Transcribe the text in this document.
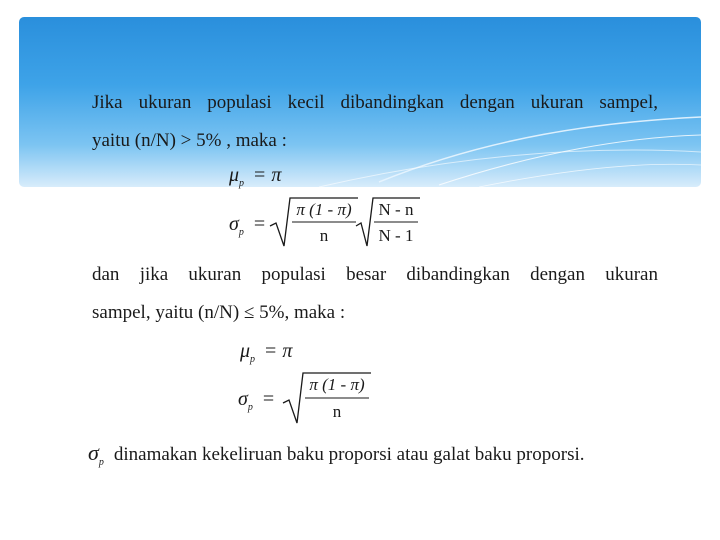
Jika ukuran populasi kecil dibandingkan dengan ukuran sampel,
yaitu (n/N) > 5% , maka :
$\mu_p = \pi$
$\sigma_p$ =
π (1 - π)
n
N - n
N - 1
dan jika ukuran populasi besar dibandingkan dengan ukuran
sampel, yaitu (n/N) ≤ 5%, maka :
$\mu_p = \pi$
$\sigma_p$ =
π (1 - π)
n
$\sigma_p$ dinamakan kekeliruan baku proporsi atau galat baku proporsi.
